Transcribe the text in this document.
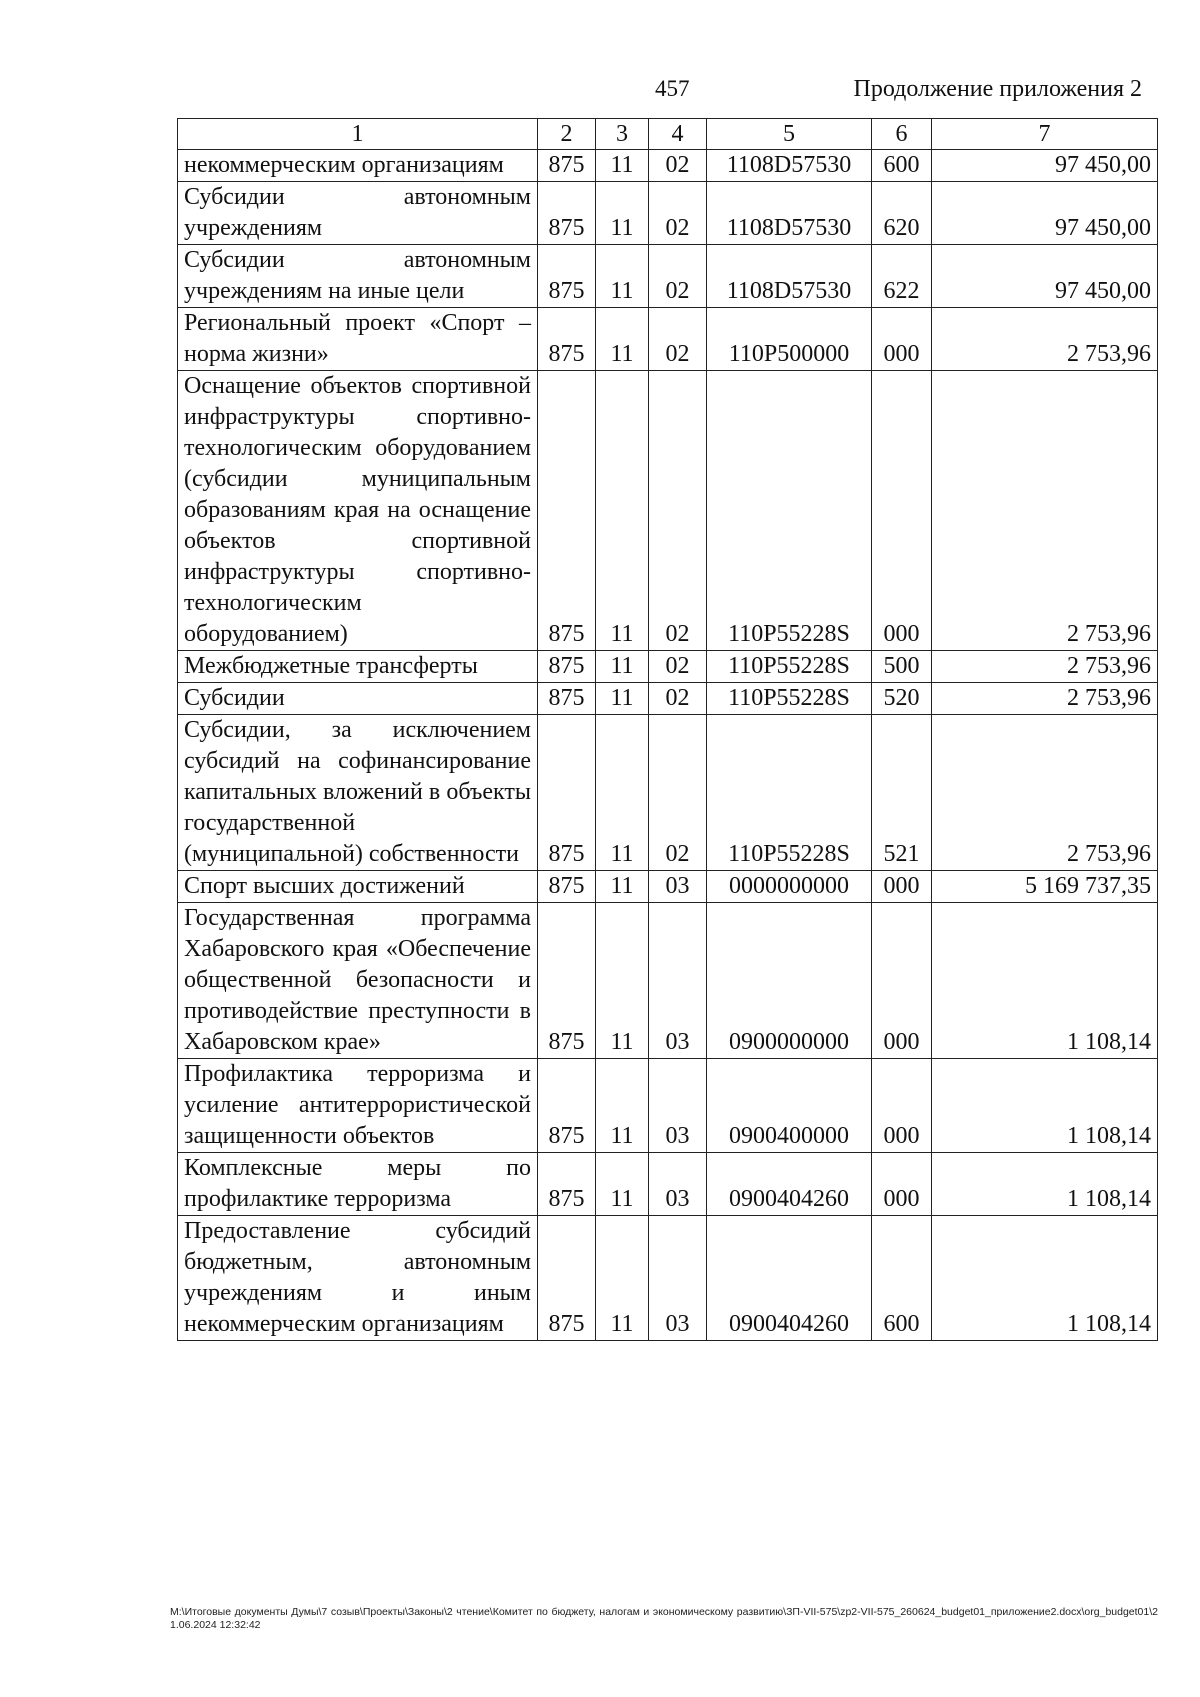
457	Продолжение приложения 2
1	2	3	4	5	6	7
некоммерческим организациям	875	11	02	1108D57530	600	97 450,00
Субсидии автономным учреждениям	875	11	02	1108D57530	620	97 450,00
Субсидии автономным учреждениям на иные цели	875	11	02	1108D57530	622	97 450,00
Региональный проект «Спорт – норма жизни»	875	11	02	110P500000	000	2 753,96
Оснащение объектов спортивной инфраструктуры спортивно-технологическим оборудованием (субсидии муниципальным образованиям края на оснащение объектов спортивной инфраструктуры спортивно-технологическим оборудованием)	875	11	02	110P55228S	000	2 753,96
Межбюджетные трансферты	875	11	02	110P55228S	500	2 753,96
Субсидии	875	11	02	110P55228S	520	2 753,96
Субсидии, за исключением субсидий на софинансирование капитальных вложений в объекты государственной (муниципальной) собственности	875	11	02	110P55228S	521	2 753,96
Спорт высших достижений	875	11	03	0000000000	000	5 169 737,35
Государственная программа Хабаровского края «Обеспечение общественной безопасности и противодействие преступности в Хабаровском крае»	875	11	03	0900000000	000	1 108,14
Профилактика терроризма и усиление антитеррористической защищенности объектов	875	11	03	0900400000	000	1 108,14
Комплексные меры по профилактике терроризма	875	11	03	0900404260	000	1 108,14
Предоставление субсидий бюджетным, автономным учреждениям и иным некоммерческим организациям	875	11	03	0900404260	600	1 108,14
M:\Итоговые документы Думы\7 созыв\Проекты\Законы\2 чтение\Комитет по бюджету, налогам и экономическому развитию\ЗП-VII-575\zp2-VII-575_260624_budget01_приложение2.docx\org_budget01\21.06.2024 12:32:42
